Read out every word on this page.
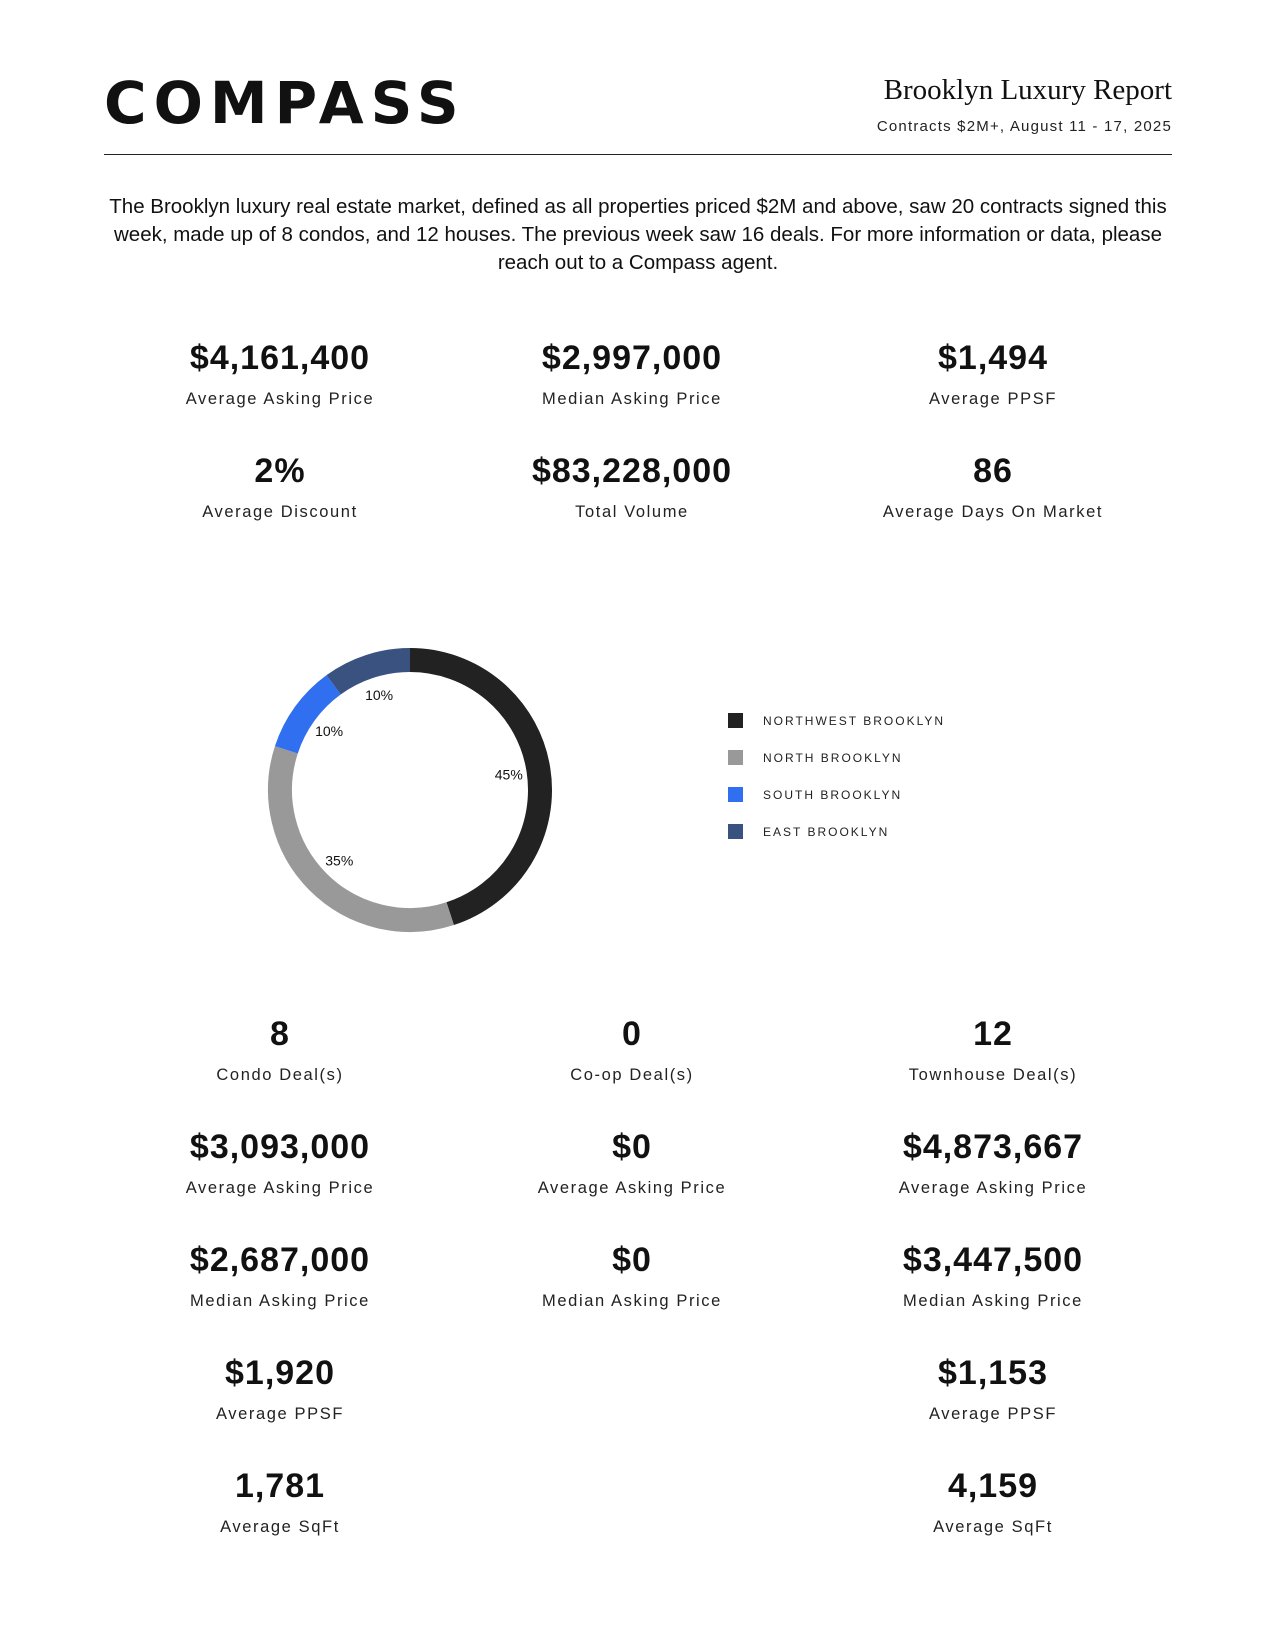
COMPASS	Brooklyn Luxury Report
Contracts $2M+, August 11 - 17, 2025
The Brooklyn luxury real estate market, defined as all properties priced $2M and above, saw 20 contracts signed this week, made up of 8 condos, and 12 houses. The previous week saw 16 deals. For more information or data, please reach out to a Compass agent.
$4,161,400
Average Asking Price
$2,997,000
Median Asking Price
$1,494
Average PPSF
2%
Average Discount
$83,228,000
Total Volume
86
Average Days On Market
45%
35%
10%
10%
NORTHWEST BROOKLYN
NORTH BROOKLYN
SOUTH BROOKLYN
EAST BROOKLYN
8
Condo Deal(s)
$3,093,000
Average Asking Price
$2,687,000
Median Asking Price
$1,920
Average PPSF
1,781
Average SqFt
0
Co-op Deal(s)
$0
Average Asking Price
$0
Median Asking Price
12
Townhouse Deal(s)
$4,873,667
Average Asking Price
$3,447,500
Median Asking Price
$1,153
Average PPSF
4,159
Average SqFt
